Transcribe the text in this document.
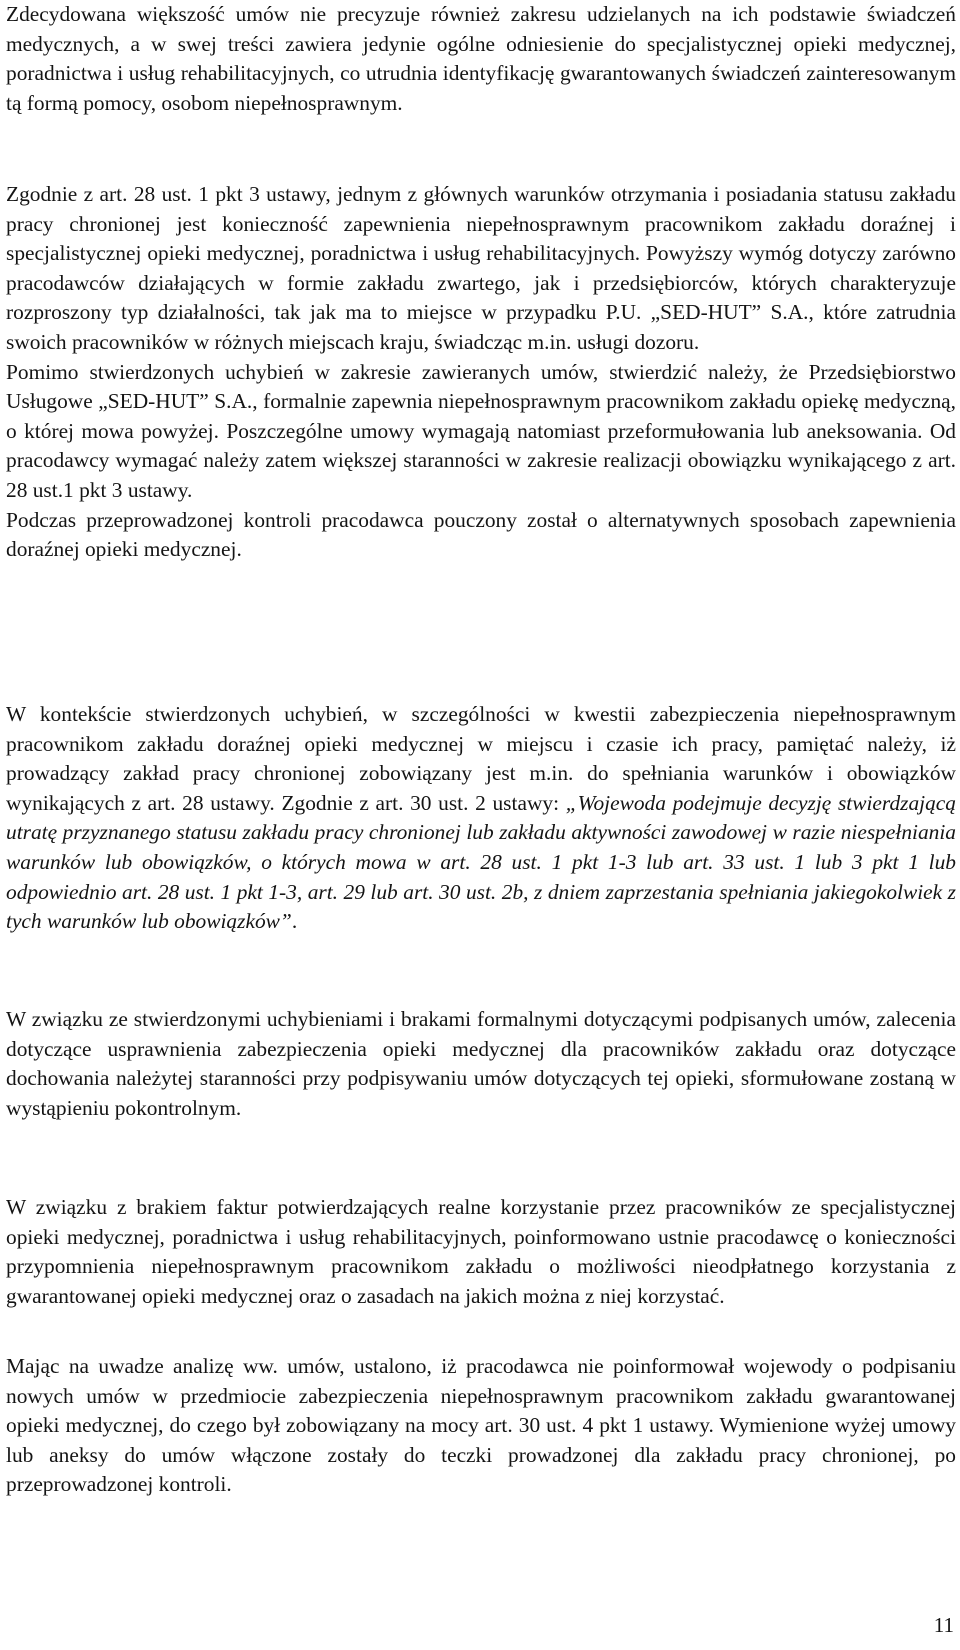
Zdecydowana większość umów nie precyzuje również zakresu udzielanych na ich podstawie świadczeń medycznych, a w swej treści zawiera jedynie ogólne odniesienie do specjalistycznej opieki medycznej, poradnictwa i usług rehabilitacyjnych, co utrudnia identyfikację gwarantowanych świadczeń zainteresowanym tą formą pomocy, osobom niepełnosprawnym.

Zgodnie z art. 28 ust. 1 pkt 3 ustawy, jednym z głównych warunków otrzymania i posiadania statusu zakładu pracy chronionej jest konieczność zapewnienia niepełnosprawnym pracownikom zakładu doraźnej i specjalistycznej opieki medycznej, poradnictwa i usług rehabilitacyjnych. Powyższy wymóg dotyczy zarówno pracodawców działających w formie zakładu zwartego, jak i przedsiębiorców, których charakteryzuje rozproszony typ działalności, tak jak ma to miejsce w przypadku P.U. „SED-HUT” S.A., które zatrudnia swoich pracowników w różnych miejscach kraju, świadcząc m.in. usługi dozoru.

Pomimo stwierdzonych uchybień w zakresie zawieranych umów, stwierdzić należy, że Przedsiębiorstwo Usługowe „SED-HUT” S.A., formalnie zapewnia niepełnosprawnym pracownikom zakładu opiekę medyczną, o której mowa powyżej. Poszczególne umowy wymagają natomiast przeformułowania lub aneksowania. Od pracodawcy wymagać należy zatem większej staranności w zakresie realizacji obowiązku wynikającego z art. 28 ust.1 pkt 3 ustawy.

Podczas przeprowadzonej kontroli pracodawca pouczony został o alternatywnych sposobach zapewnienia doraźnej opieki medycznej.

W kontekście stwierdzonych uchybień, w szczególności w kwestii zabezpieczenia niepełnosprawnym pracownikom zakładu doraźnej opieki medycznej w miejscu i czasie ich pracy, pamiętać należy, iż prowadzący zakład pracy chronionej zobowiązany jest m.in. do spełniania warunków i obowiązków wynikających z art. 28 ustawy. Zgodnie z art. 30 ust. 2 ustawy: „Wojewoda podejmuje decyzję stwierdzającą utratę przyznanego statusu zakładu pracy chronionej lub zakładu aktywności zawodowej w razie niespełniania warunków lub obowiązków, o których mowa w art. 28 ust. 1 pkt 1-3 lub art. 33 ust. 1 lub 3 pkt 1 lub odpowiednio art. 28 ust. 1 pkt 1-3, art. 29 lub art. 30 ust. 2b, z dniem zaprzestania spełniania jakiegokolwiek z tych warunków lub obowiązków”.

W związku ze stwierdzonymi uchybieniami i brakami formalnymi dotyczącymi podpisanych umów, zalecenia dotyczące usprawnienia zabezpieczenia opieki medycznej dla pracowników zakładu oraz dotyczące dochowania należytej staranności przy podpisywaniu umów dotyczących tej opieki, sformułowane zostaną w wystąpieniu pokontrolnym.

W związku z brakiem faktur potwierdzających realne korzystanie przez pracowników ze specjalistycznej opieki medycznej, poradnictwa i usług rehabilitacyjnych, poinformowano ustnie pracodawcę o konieczności przypomnienia niepełnosprawnym pracownikom zakładu o możliwości nieodpłatnego korzystania z gwarantowanej opieki medycznej oraz o zasadach na jakich można z niej korzystać.

Mając na uwadze analizę ww. umów, ustalono, iż pracodawca nie poinformował wojewody o podpisaniu nowych umów w przedmiocie zabezpieczenia niepełnosprawnym pracownikom zakładu gwarantowanej opieki medycznej, do czego był zobowiązany na mocy art. 30 ust. 4 pkt 1 ustawy. Wymienione wyżej umowy lub aneksy do umów włączone zostały do teczki prowadzonej dla zakładu pracy chronionej, po przeprowadzonej kontroli.

11
